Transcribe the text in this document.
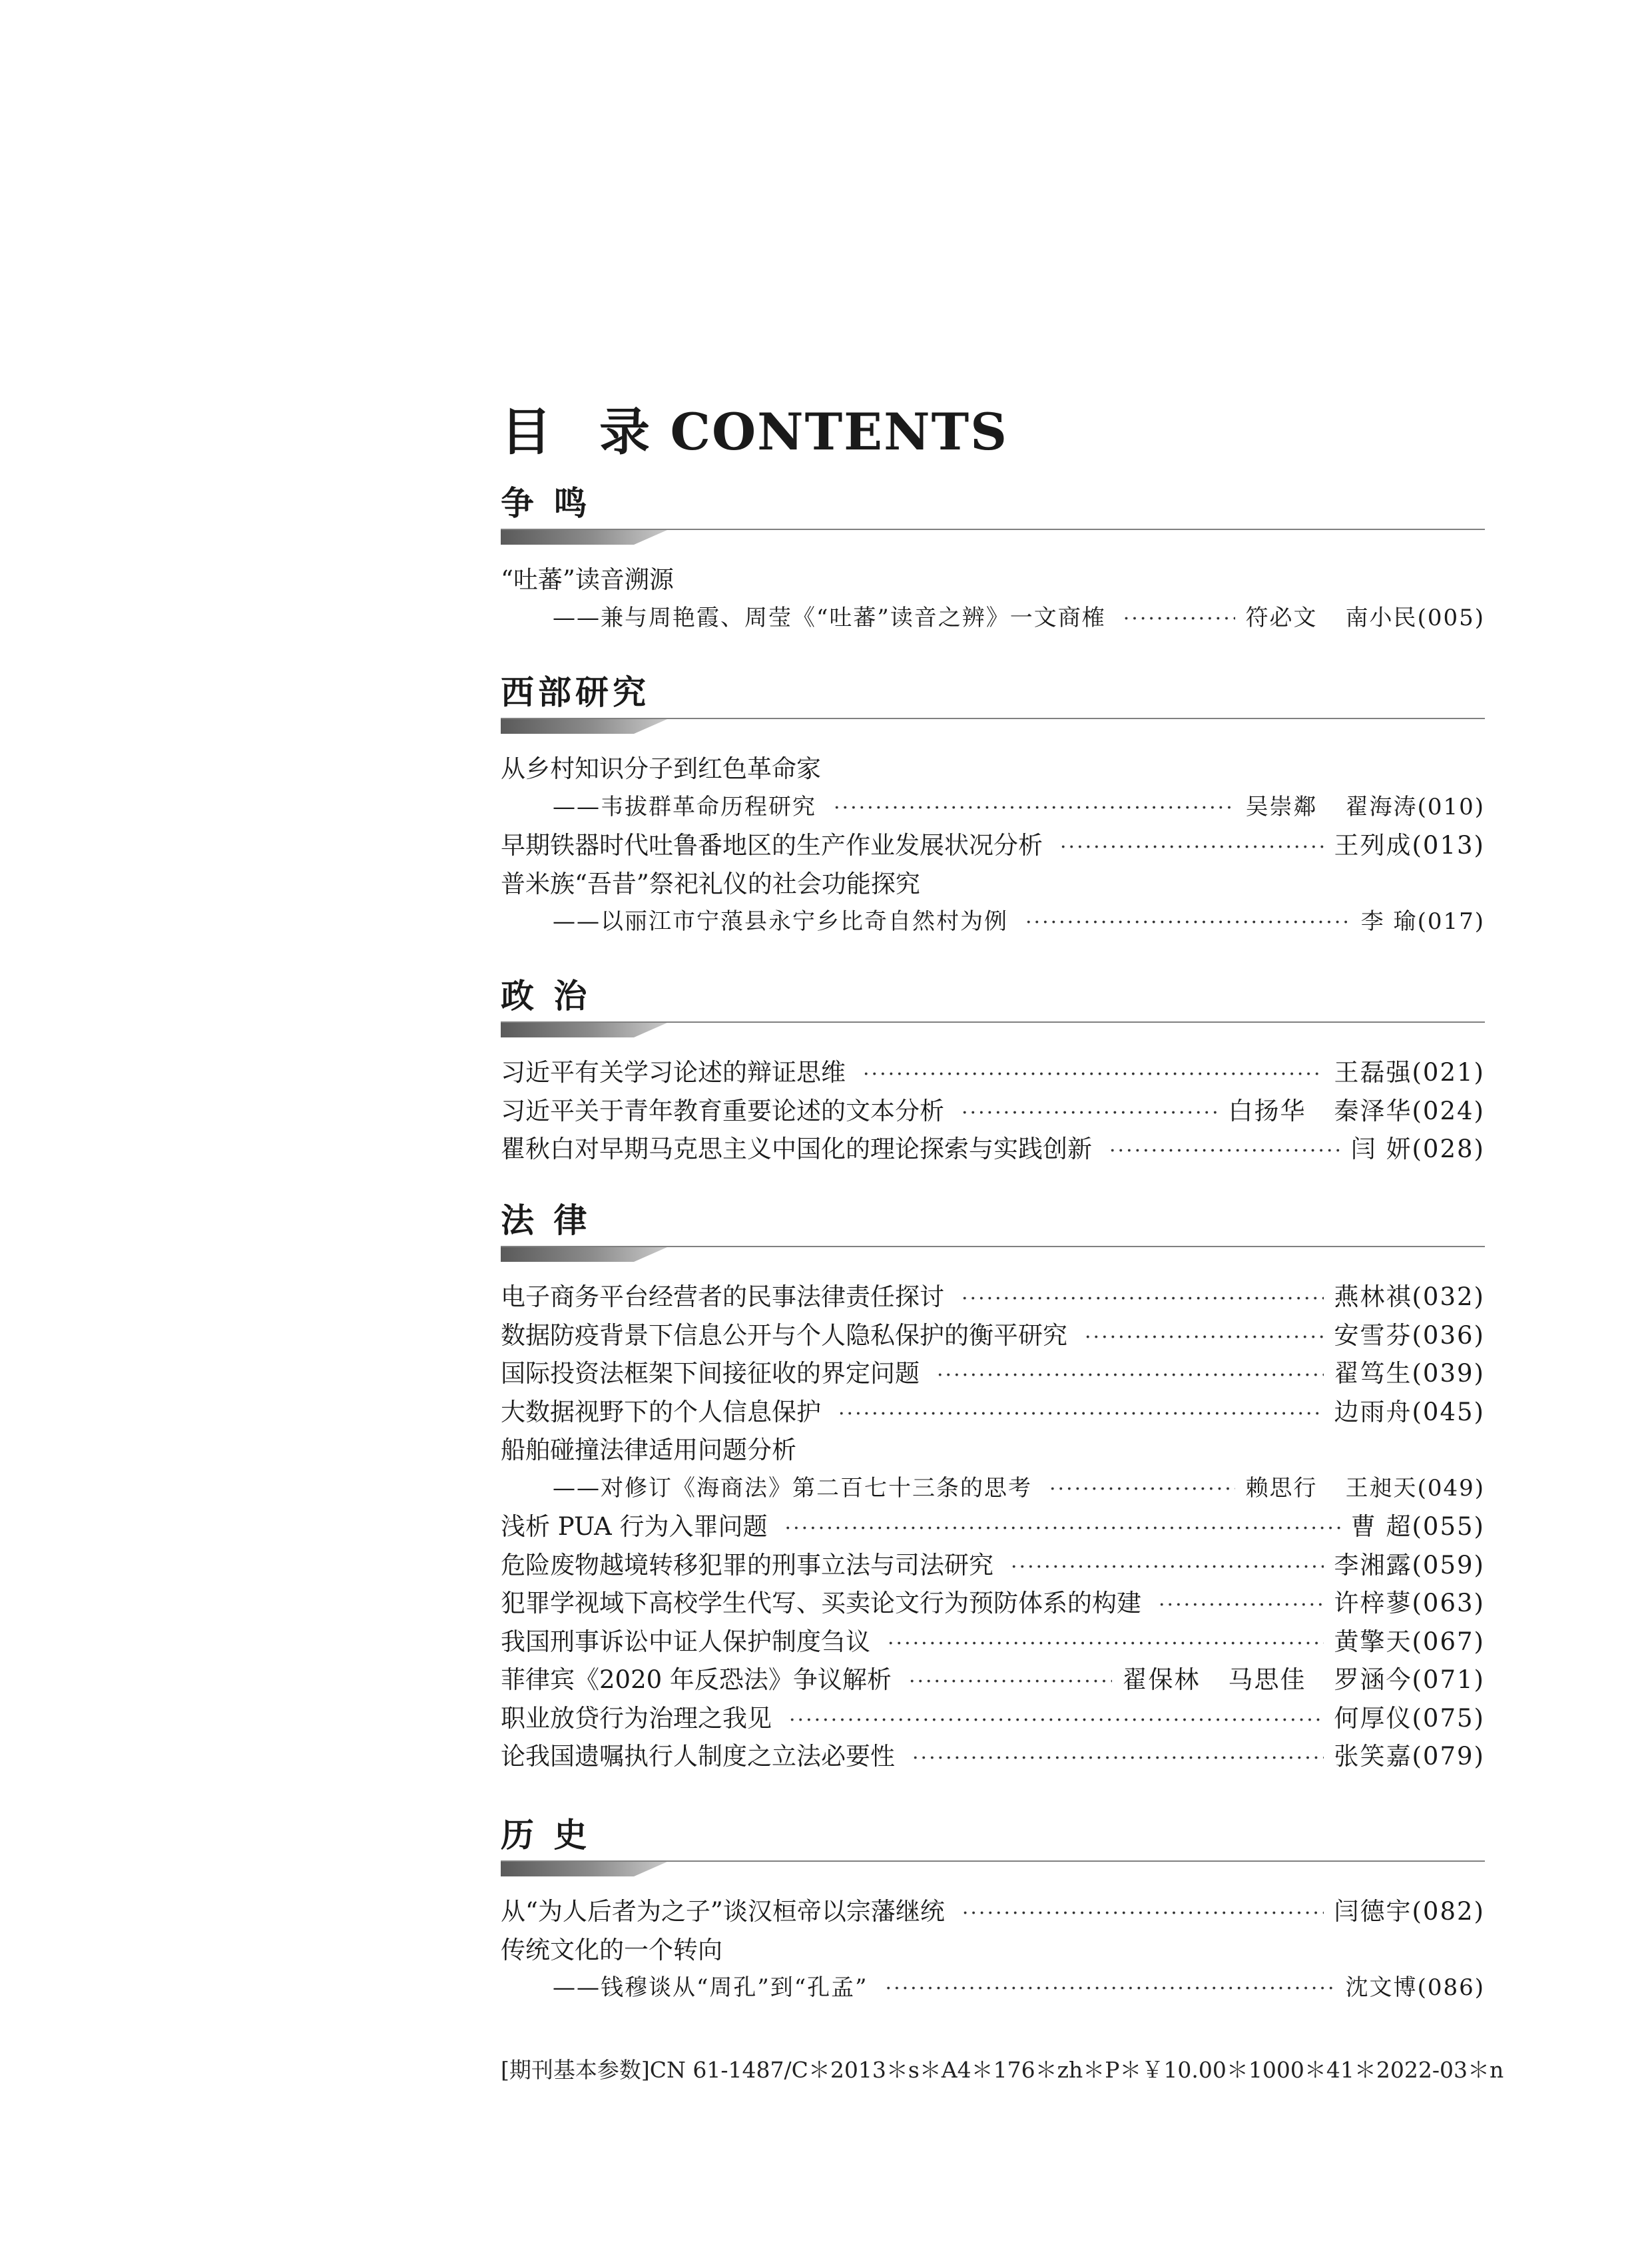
目 录 CONTENTS
争 鸣
“吐蕃”读音溯源
——兼与周艳霞、周莹《“吐蕃”读音之辨》一文商榷 ·····	符必文 南小民(005)
西部研究
从乡村知识分子到红色革命家
——韦拔群革命历程研究 ·····	吴崇鄰 翟海涛(010)
早期铁器时代吐鲁番地区的生产作业发展状况分析 ·····	王列成(013)
普米族“吾昔”祭祀礼仪的社会功能探究
——以丽江市宁蒗县永宁乡比奇自然村为例 ·····	李 瑜(017)
政 治
习近平有关学习论述的辩证思维 ·····	王磊强(021)
习近平关于青年教育重要论述的文本分析 ·····	白扬华 秦泽华(024)
瞿秋白对早期马克思主义中国化的理论探索与实践创新 ·····	闫 妍(028)
法 律
电子商务平台经营者的民事法律责任探讨 ·····	燕林祺(032)
数据防疫背景下信息公开与个人隐私保护的衡平研究 ·····	安雪芬(036)
国际投资法框架下间接征收的界定问题 ·····	翟笃生(039)
大数据视野下的个人信息保护 ·····	边雨舟(045)
船舶碰撞法律适用问题分析
——对修订《海商法》第二百七十三条的思考 ·····	赖思行 王昶天(049)
浅析 PUA 行为入罪问题 ·····	曹 超(055)
危险废物越境转移犯罪的刑事立法与司法研究 ·····	李湘露(059)
犯罪学视域下高校学生代写、买卖论文行为预防体系的构建 ·····	许梓蓼(063)
我国刑事诉讼中证人保护制度刍议 ·····	黄擎天(067)
菲律宾《2020 年反恐法》争议解析 ·····	翟保林 马思佳 罗涵今(071)
职业放贷行为治理之我见 ·····	何厚仪(075)
论我国遗嘱执行人制度之立法必要性 ·····	张笑嘉(079)
历 史
从“为人后者为之子”谈汉桓帝以宗藩继统 ·····	闫德宇(082)
传统文化的一个转向
——钱穆谈从“周孔”到“孔孟” ·····	沈文博(086)
[期刊基本参数]CN 61-1487/C＊2013＊s＊A4＊176＊zh＊P＊￥10.00＊1000＊41＊2022-03＊n
